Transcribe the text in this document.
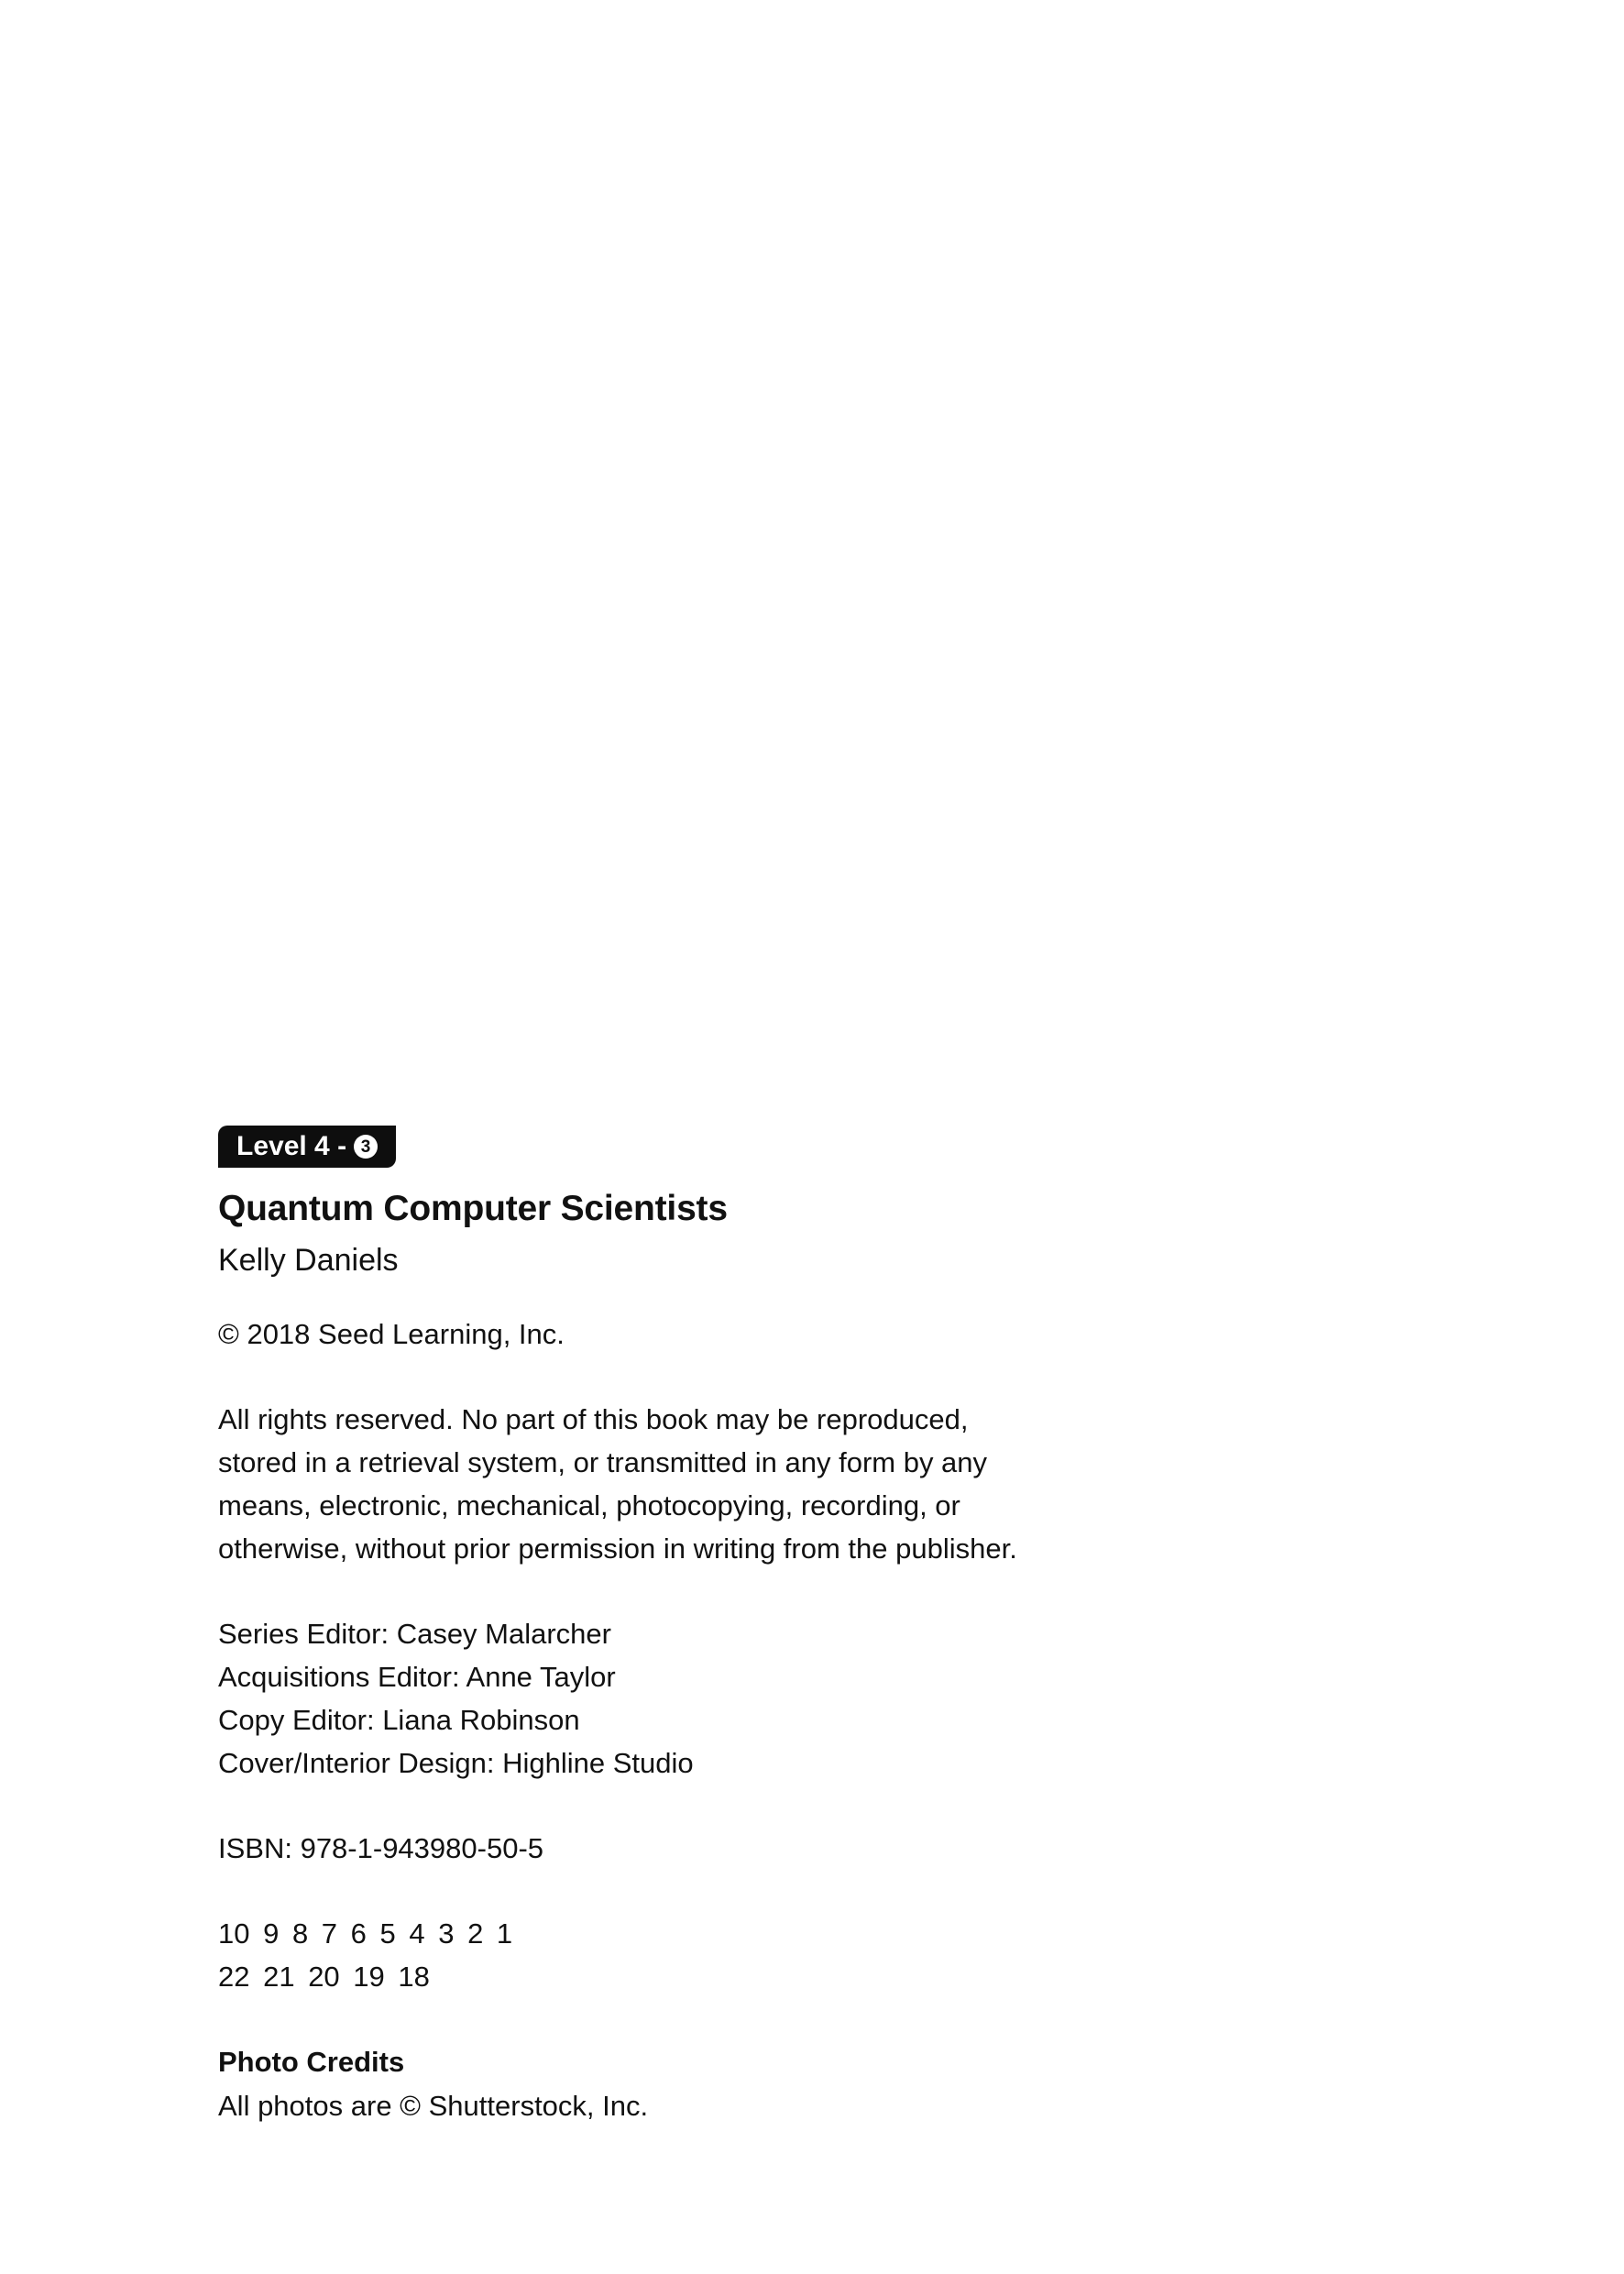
Level 4 - 3
Quantum Computer Scientists
Kelly Daniels
© 2018 Seed Learning, Inc.
All rights reserved. No part of this book may be reproduced,
stored in a retrieval system, or transmitted in any form by any
means, electronic, mechanical, photocopying, recording, or
otherwise, without prior permission in writing from the publisher.
Series Editor: Casey Malarcher
Acquisitions Editor: Anne Taylor
Copy Editor: Liana Robinson
Cover/Interior Design: Highline Studio
ISBN: 978-1-943980-50-5
10 9 8 7 6 5 4 3 2 1
22 21 20 19 18
Photo Credits
All photos are © Shutterstock, Inc.
